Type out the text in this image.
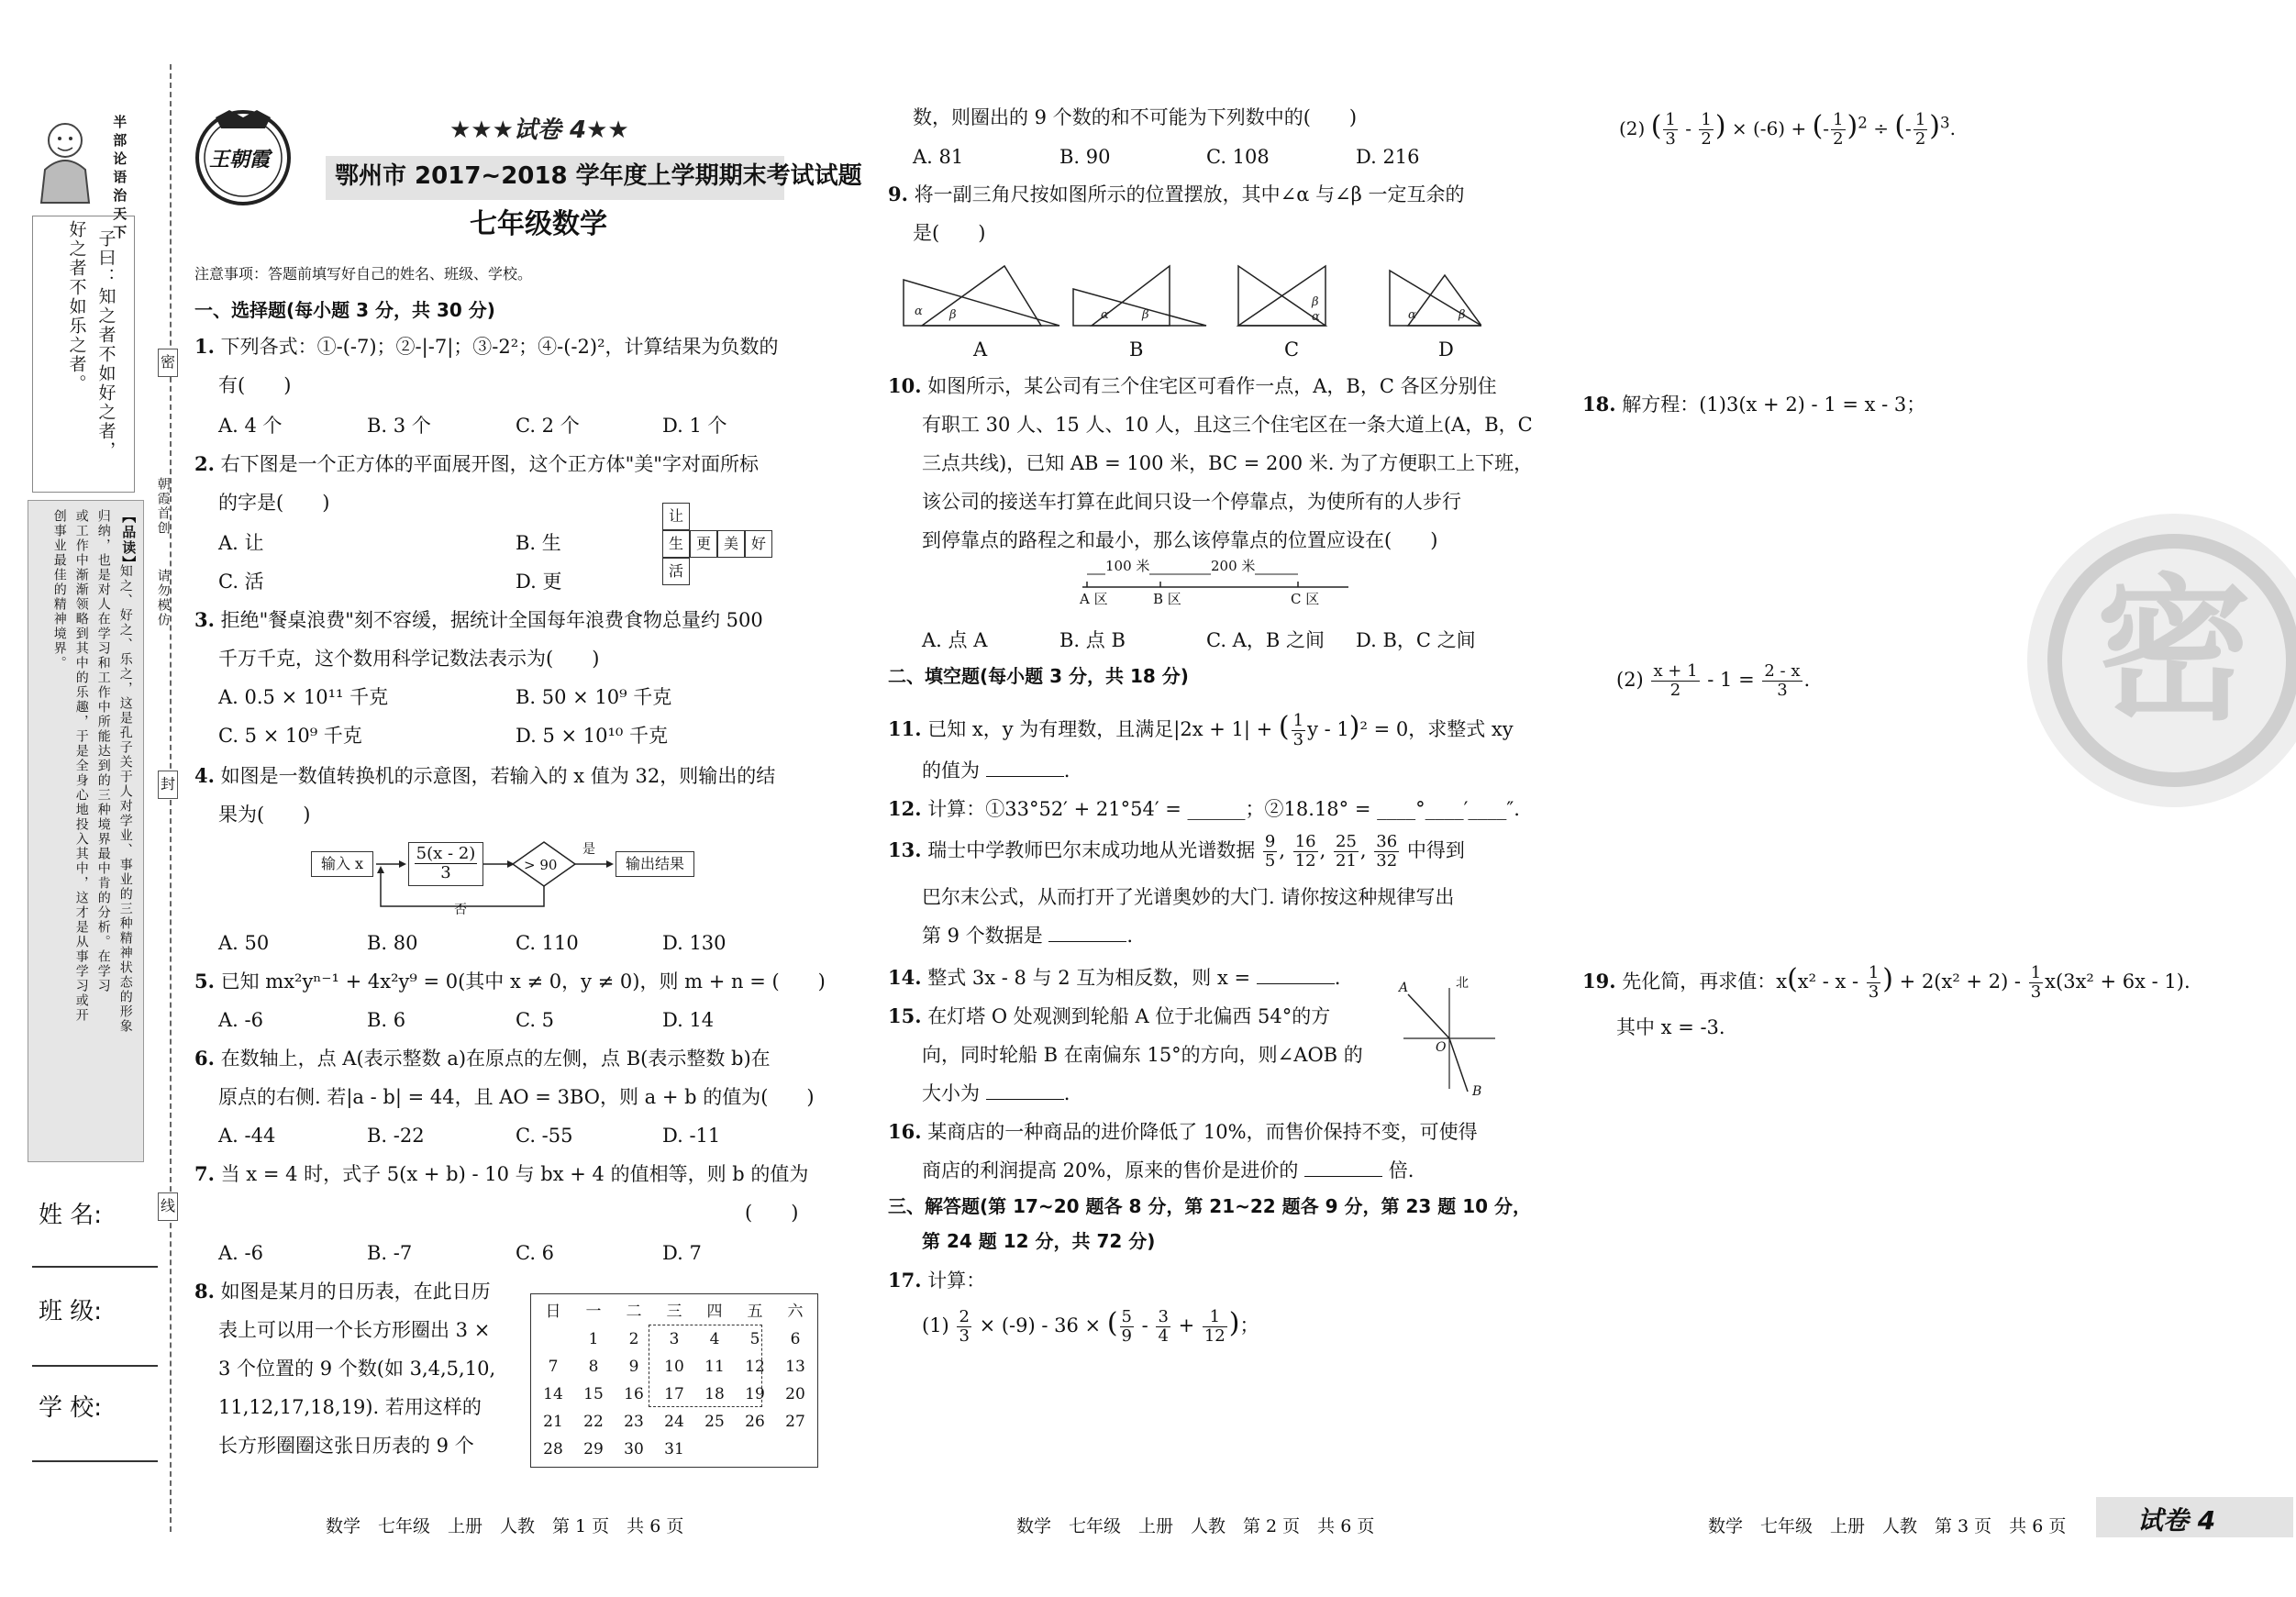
半部论语治天下
子曰：知之者不如好之者，
好之者不如乐之者。
【品读】
知之、好之、乐之，这是孔子关于人对学业、事业的三种精神状态的形象
归纳，也是对人在学习和工作中所能达到的三种境界最中肯的分析。在学习
或工作中渐渐领略到其中的乐趣，于是全身心地投入其中，这才是从事学习或开
创事业最佳的精神境界。
密
朝霞首创
请勿模仿
封
线
姓 名:
班 级:
学 校:
王朝霞
★★★试卷 4★★
鄂州市 2017~2018 学年度上学期期末考试试题
七年级数学
注意事项：答题前填写好自己的姓名、班级、学校。
一、选择题(每小题 3 分，共 30 分)
1. 下列各式：①-(-7)；②-|-7|；③-2²；④-(-2)²，计算结果为负数的
有(　　)
A. 4 个	B. 3 个	C. 2 个	D. 1 个
2. 右下图是一个正方体的平面展开图，这个正方体"美"字对面所标
的字是(　　)
A. 让	B. 生
C. 活	D. 更
让
生 更 美 好
活
3. 拒绝"餐桌浪费"刻不容缓，据统计全国每年浪费食物总量约 500
千万千克，这个数用科学记数法表示为(　　)
A. 0.5 × 10¹¹ 千克	B. 50 × 10⁹ 千克
C. 5 × 10⁹ 千克	D. 5 × 10¹⁰ 千克
4. 如图是一数值转换机的示意图，若输入的 x 值为 32，则输出的结
果为(　　)
输入 x	$\frac{5(x - 2)}{3}$	> 90
是
否
输出结果
A. 50	B. 80	C. 110	D. 130
5. 已知 mx²yⁿ⁻¹ + 4x²y⁹ = 0(其中 x ≠ 0，y ≠ 0)，则 m + n = (　　)
A. -6	B. 6	C. 5	D. 14
6. 在数轴上，点 A(表示整数 a)在原点的左侧，点 B(表示整数 b)在
原点的右侧. 若|a - b| = 44，且 AO = 3BO，则 a + b 的值为(　　)
A. -44	B. -22	C. -55	D. -11
7. 当 x = 4 时，式子 5(x + b) - 10 与 bx + 4 的值相等，则 b 的值为
(　　)
A. -6	B. -7	C. 6	D. 7
8. 如图是某月的日历表，在此日历
表上可以用一个长方形圈出 3 ×
3 个位置的 9 个数(如 3,4,5,10,
11,12,17,18,19). 若用这样的
长方形圈圈这张日历表的 9 个
日	一	二	三	四	五	六
	1	2	3	4	5	6
7	8	9	10	11	12	13
14	15	16	17	18	19	20
21	22	23	24	25	26	27
28	29	30	31			
数，则圈出的 9 个数的和不可能为下列数中的(　　)
A. 81	B. 90	C. 108	D. 216
9. 将一副三角尺按如图所示的位置摆放，其中∠α 与∠β 一定互余的
是(　　)
α β	α	β
β
α	α	β
A	B	C	D
10. 如图所示，某公司有三个住宅区可看作一点，A，B，C 各区分别住
有职工 30 人、15 人、10 人，且这三个住宅区在一条大道上(A，B，C
三点共线)，已知 AB = 100 米，BC = 200 米. 为了方便职工上下班，
该公司的接送车打算在此间只设一个停靠点，为使所有的人步行
到停靠点的路程之和最小，那么该停靠点的位置应设在(　　)
100 米	200 米
A 区	B 区	C 区
A. 点 A	B. 点 B	C. A，B 之间 D. B，C 之间
二、填空题(每小题 3 分，共 18 分)
11. 已知 x，y 为有理数，且满足|2x + 1| + ( $\frac{1}{3}$ y - 1)² = 0，求整式 xy
的值为	.
12. 计算：①33°52′ + 21°54′ = ______；②18.18° = ____°____′____″.
13. 瑞士中学教师巴尔末成功地从光谱数据 $\frac{9}{5}$ , $\frac{16}{12}$ , $\frac{25}{21}$ , $\frac{36}{32}$ 中得到
巴尔末公式，从而打开了光谱奥妙的大门. 请你按这种规律写出
第 9 个数据是	.
14. 整式 3x - 8 与 2 互为相反数，则 x =	.
15. 在灯塔 O 处观测到轮船 A 位于北偏西 54°的方
向，同时轮船 B 在南偏东 15°的方向，则∠AOB 的
大小为	.
北
A
O
B
16. 某商店的一种商品的进价降低了 10%，而售价保持不变，可使得
商店的利润提高 20%，原来的售价是进价的	倍.
三、解答题(第 17~20 题各 8 分，第 21~22 题各 9 分，第 23 题 10 分，
第 24 题 12 分，共 72 分)
17. 计算：
$(1) \frac{2}{3} \times (-9) - 36$ × ( $\frac{5}{9} - \frac{3}{4} + \frac{1}{12}$ )；
(2) ( $\frac{1}{3} - \frac{1}{2}$ ) × (-6) + (- $\frac{1}{2} )^2$ ÷ (- $\frac{1}{2} )^3$.
18. 解方程：(1)3(x + 2) - 1 = x - 3；
$(2) \frac{x + 1}{2} - 1 = \frac{2 - x}{3}$ . 密
19. 先化简，再求值：x(x² - x - $\frac{1}{3}$ ) + $2(x^2 + 2) - \frac{1}{3} x(3x^2 + 6x - 1)$.
其中 x = -3.
数学　七年级　上册　人教　第 1 页　共 6 页	数学　七年级　上册　人教　第 2 页　共 6 页	数学　七年级　上册　人教　第 3 页　共 6 页	试卷 4
